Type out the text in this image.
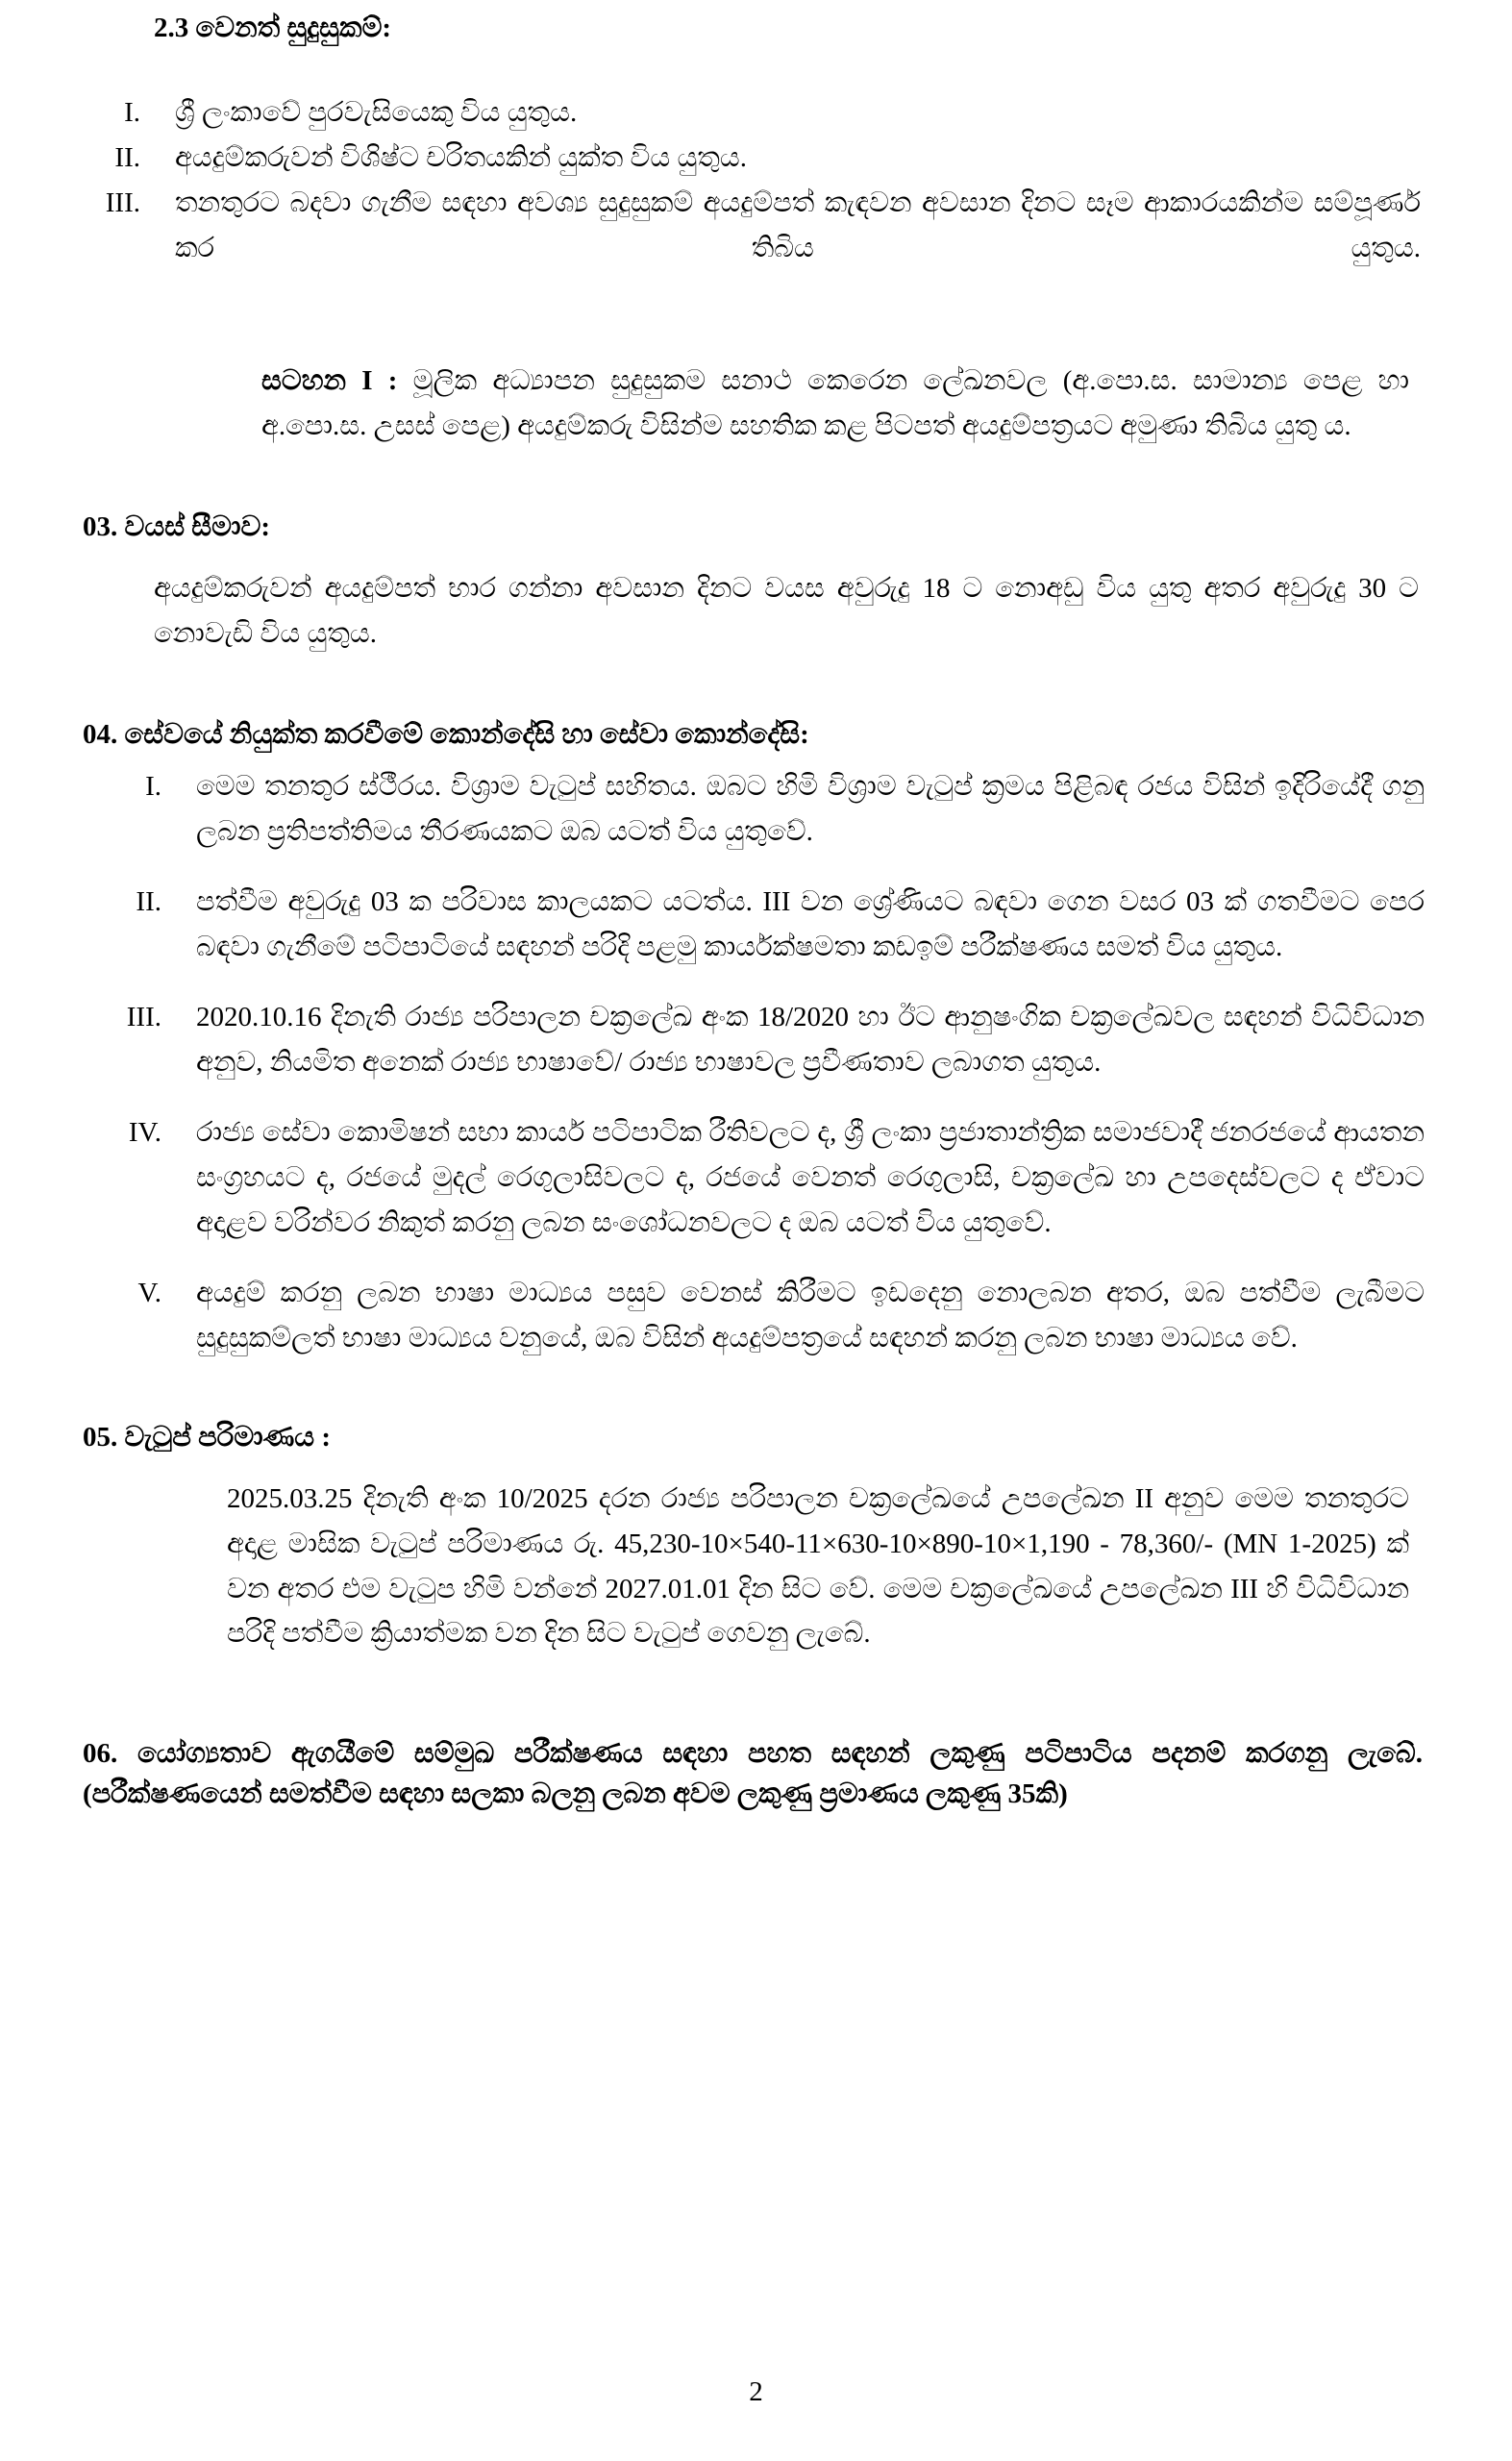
2.3 වෙනත් සුදුසුකම්:
I.	ශ්‍රී ලංකාවේ පුරවැසියෙකු විය යුතුය.
II.	අයදුම්කරුවන් විශිෂ්ට චරිතයකින් යුක්ත විය යුතුය.
III.	තනතුරට බදවා ගැනීම සඳහා අවශ්‍ය සුදුසුකම් අයදුම්පත් කැඳවන අවසාන දිනට සෑම ආකාරයකින්ම සම්පූර්ණ කර තිබිය යුතුය.
සටහන I : මූලික අධ්‍යාපන සුදුසුකම සනාථ කෙරෙන ලේඛනවල (අ.පො.ස. සාමාන්‍ය පෙළ හා අ.පො.ස. උසස් පෙළ) අයදුම්කරු විසින්ම සහතික කළ පිටපත් අයදුම්පත්‍රයට අමුණා තිබිය යුතු ය.
03. වයස් සීමාව:
අයදුම්කරුවන් අයදුම්පත් භාර ගන්නා අවසාන දිනට වයස අවුරුදු 18 ට නොඅඩු විය යුතු අතර අවුරුදු 30 ට නොවැඩි විය යුතුය.
04. සේවයේ නියුක්ත කරවීමේ කොන්දේසි හා සේවා කොන්දේසි:
I.	මෙම තනතුර ස්ථීරය. විශ්‍රාම වැටුප් සහිතය. ඔබට හිමි විශ්‍රාම වැටුප් ක්‍රමය පිළිබඳ රජය විසින් ඉදිරියේදී ගනු ලබන ප්‍රතිපත්තිමය තීරණයකට ඔබ යටත් විය යුතුවේ.
II.	පත්වීම අවුරුදු 03 ක පරිවාස කාලයකට යටත්ය. III වන ශ්‍රේණියට බඳවා ගෙන වසර 03 ක් ගතවීමට පෙර බඳවා ගැනීමේ පටිපාටියේ සඳහන් පරිදි පළමු කාර්යක්ෂමතා කඩඉම් පරීක්ෂණය සමත් විය යුතුය.
III.	2020.10.16 දිනැති රාජ්‍ය පරිපාලන චක්‍රලේඛ අංක 18/2020 හා ඊට ආනුෂංගික චක්‍රලේඛවල සඳහන් විධිවිධාන අනුව, නියමිත අනෙක් රාජ්‍ය භාෂාවේ/ රාජ්‍ය භාෂාවල ප්‍රවීණතාව ලබාගත යුතුය.
IV.	රාජ්‍ය සේවා කොමිෂන් සභා කාර්ය පටිපාටික රීතිවලට ද, ශ්‍රී ලංකා ප්‍රජාතාන්ත්‍රික සමාජවාදී ජනරජයේ ආයතන සංග්‍රහයට ද, රජයේ මුදල් රෙගුලාසිවලට ද, රජයේ වෙනත් රෙගුලාසි, චක්‍රලේඛ හා උපදෙස්වලට ද ඒවාට අදාළව වරින්වර නිකුත් කරනු ලබන සංශෝධනවලට ද ඔබ යටත් විය යුතුවේ.
V.	අයදුම් කරනු ලබන භාෂා මාධ්‍යය පසුව වෙනස් කිරීමට ඉඩදෙනු නොලබන අතර, ඔබ පත්වීම ලැබීමට සුදුසුකම්ලත් භාෂා මාධ්‍යය වනුයේ, ඔබ විසින් අයදුම්පත්‍රයේ සඳහන් කරනු ලබන භාෂා මාධ්‍යය වේ.
05. වැටුප් පරිමාණය :
2025.03.25 දිනැති අංක 10/2025 දරන රාජ්‍ය පරිපාලන චක්‍රලේඛයේ උපලේඛන II අනුව මෙම තනතුරට අදාළ මාසික වැටුප් පරිමාණය රු. 45,230-10×540-11×630-10×890-10×1,190 - 78,360/- (MN 1-2025) ක් වන අතර එම වැටුප හිමි වන්නේ 2027.01.01 දින සිට වේ. මෙම චක්‍රලේඛයේ උපලේඛන III හි විධිවිධාන පරිදි පත්වීම ක්‍රියාත්මක වන දින සිට වැටුප් ගෙවනු ලැබේ.
06. යෝග්‍යතාව ඇගයීමේ සම්මුඛ පරීක්ෂණය සඳහා පහත සඳහන් ලකුණු පටිපාටිය පදනම් කරගනු ලැබේ. (පරීක්ෂණයෙන් සමත්වීම සඳහා සලකා බලනු ලබන අවම ලකුණු ප්‍රමාණය ලකුණු 35කි)
2
